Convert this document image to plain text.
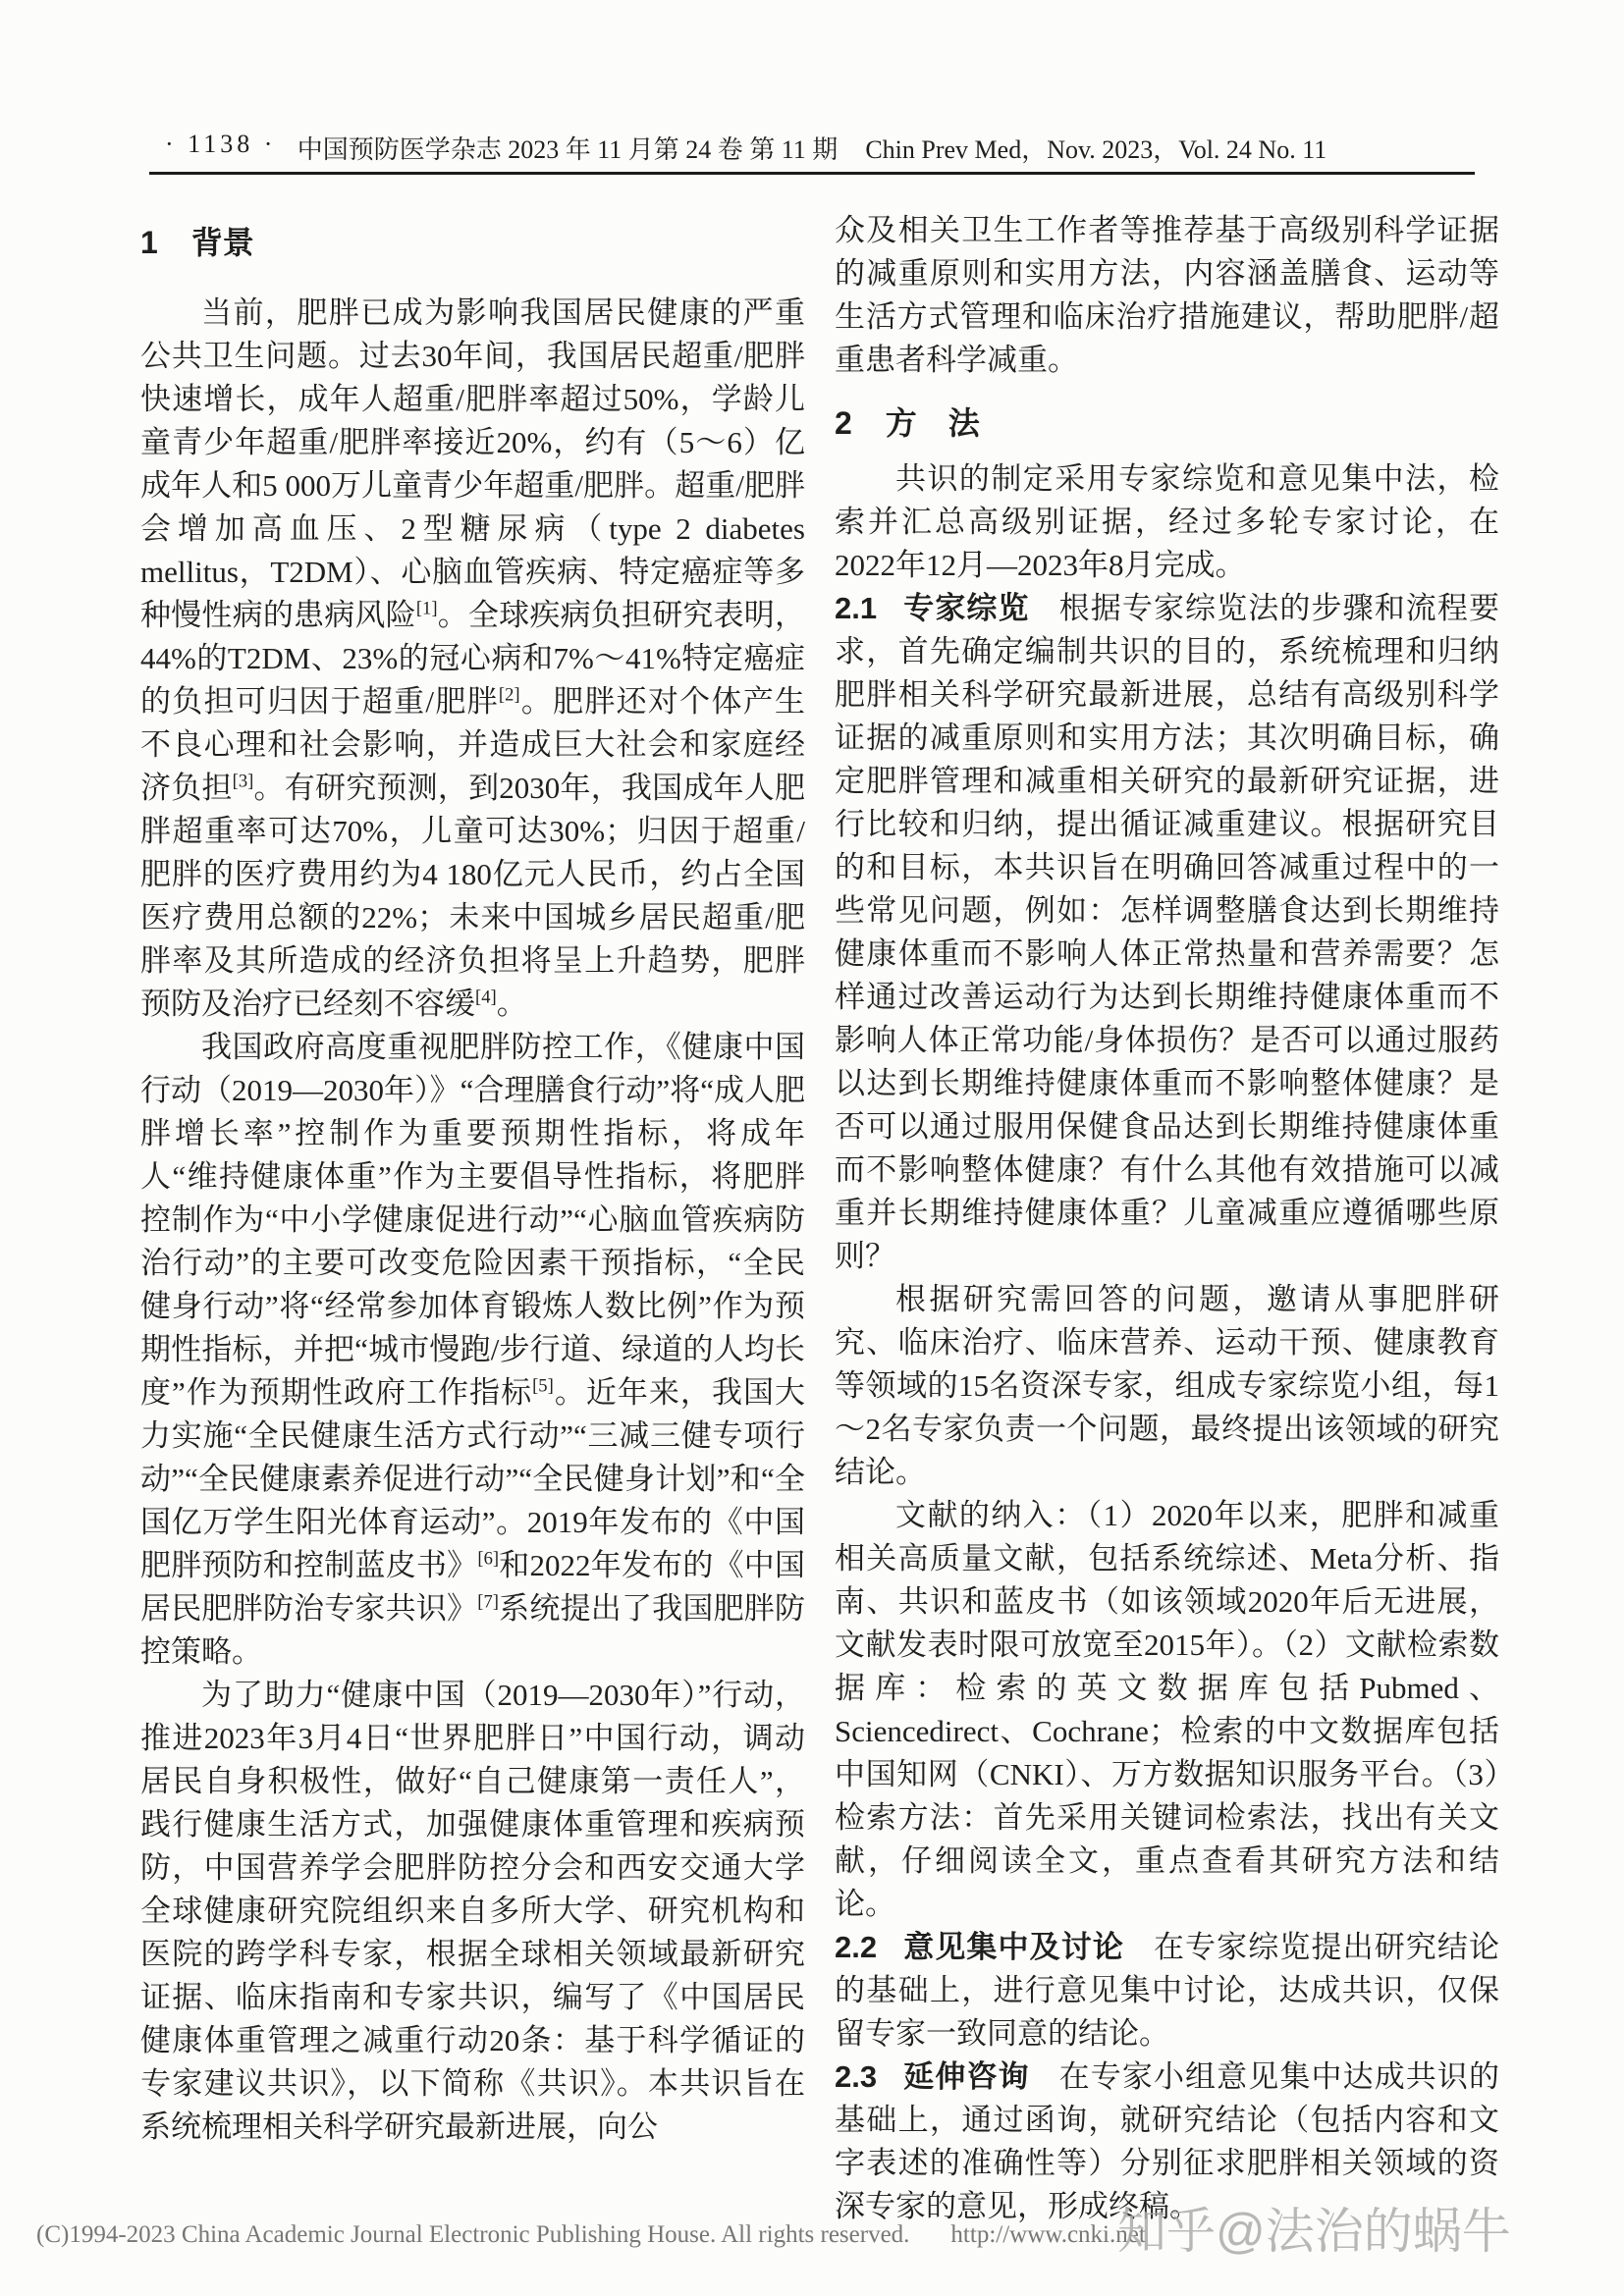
· 1138 · 中国预防医学杂志 2023 年 11 月第 24 卷 第 11 期 Chin Prev Med，Nov. 2023，Vol. 24 No. 11
1 背景

当前，肥胖已成为影响我国居民健康的严重公共卫生问题。过去30年间，我国居民超重/肥胖快速增长，成年人超重/肥胖率超过50%，学龄儿童青少年超重/肥胖率接近20%，约有（5～6）亿成年人和5 000万儿童青少年超重/肥胖。超重/肥胖会增加高血压、2型糖尿病（type 2 diabetes mellitus，T2DM）、心脑血管疾病、特定癌症等多种慢性病的患病风险[1]。全球疾病负担研究表明，44%的T2DM、23%的冠心病和7%～41%特定癌症的负担可归因于超重/肥胖[2]。肥胖还对个体产生不良心理和社会影响，并造成巨大社会和家庭经济负担[3]。有研究预测，到2030年，我国成年人肥胖超重率可达70%，儿童可达30%；归因于超重/肥胖的医疗费用约为4 180亿元人民币，约占全国医疗费用总额的22%；未来中国城乡居民超重/肥胖率及其所造成的经济负担将呈上升趋势，肥胖预防及治疗已经刻不容缓[4]。

我国政府高度重视肥胖防控工作，《健康中国行动（2019—2030年）》“合理膳食行动”将“成人肥胖增长率”控制作为重要预期性指标，将成年人“维持健康体重”作为主要倡导性指标，将肥胖控制作为“中小学健康促进行动”“心脑血管疾病防治行动”的主要可改变危险因素干预指标，“全民健身行动”将“经常参加体育锻炼人数比例”作为预期性指标，并把“城市慢跑/步行道、绿道的人均长度”作为预期性政府工作指标[5]。近年来，我国大力实施“全民健康生活方式行动”“三减三健专项行动”“全民健康素养促进行动”“全民健身计划”和“全国亿万学生阳光体育运动”。2019年发布的《中国肥胖预防和控制蓝皮书》[6]和2022年发布的《中国居民肥胖防治专家共识》[7]系统提出了我国肥胖防控策略。

为了助力“健康中国（2019—2030年）”行动，推进2023年3月4日“世界肥胖日”中国行动，调动居民自身积极性，做好“自己健康第一责任人”，践行健康生活方式，加强健康体重管理和疾病预防，中国营养学会肥胖防控分会和西安交通大学全球健康研究院组织来自多所大学、研究机构和医院的跨学科专家，根据全球相关领域最新研究证据、临床指南和专家共识，编写了《中国居民健康体重管理之减重行动20条：基于科学循证的专家建议共识》，以下简称《共识》。本共识旨在系统梳理相关科学研究最新进展，向公

众及相关卫生工作者等推荐基于高级别科学证据的减重原则和实用方法，内容涵盖膳食、运动等生活方式管理和临床治疗措施建议，帮助肥胖/超重患者科学减重。

2 方　法

共识的制定采用专家综览和意见集中法，检索并汇总高级别证据，经过多轮专家讨论，在2022年12月—2023年8月完成。

2.1 专家综览 根据专家综览法的步骤和流程要求，首先确定编制共识的目的，系统梳理和归纳肥胖相关科学研究最新进展，总结有高级别科学证据的减重原则和实用方法；其次明确目标，确定肥胖管理和减重相关研究的最新研究证据，进行比较和归纳，提出循证减重建议。根据研究目的和目标，本共识旨在明确回答减重过程中的一些常见问题，例如：怎样调整膳食达到长期维持健康体重而不影响人体正常热量和营养需要？怎样通过改善运动行为达到长期维持健康体重而不影响人体正常功能/身体损伤？是否可以通过服药以达到长期维持健康体重而不影响整体健康？是否可以通过服用保健食品达到长期维持健康体重而不影响整体健康？有什么其他有效措施可以减重并长期维持健康体重？儿童减重应遵循哪些原则？

根据研究需回答的问题，邀请从事肥胖研究、临床治疗、临床营养、运动干预、健康教育等领域的15名资深专家，组成专家综览小组，每1～2名专家负责一个问题，最终提出该领域的研究结论。

文献的纳入：（1）2020年以来，肥胖和减重相关高质量文献，包括系统综述、Meta分析、指南、共识和蓝皮书（如该领域2020年后无进展，文献发表时限可放宽至2015年）。（2）文献检索数据库：检索的英文数据库包括Pubmed、Sciencedirect、Cochrane；检索的中文数据库包括中国知网（CNKI）、万方数据知识服务平台。（3）检索方法：首先采用关键词检索法，找出有关文献，仔细阅读全文，重点查看其研究方法和结论。

2.2 意见集中及讨论 在专家综览提出研究结论的基础上，进行意见集中讨论，达成共识，仅保留专家一致同意的结论。

2.3 延伸咨询 在专家小组意见集中达成共识的基础上，通过函询，就研究结论（包括内容和文字表述的准确性等）分别征求肥胖相关领域的资深专家的意见，形成终稿。

(C)1994-2023 China Academic Journal Electronic Publishing House. All rights reserved. http://www.cnki.net
知乎@法治的蜗牛
